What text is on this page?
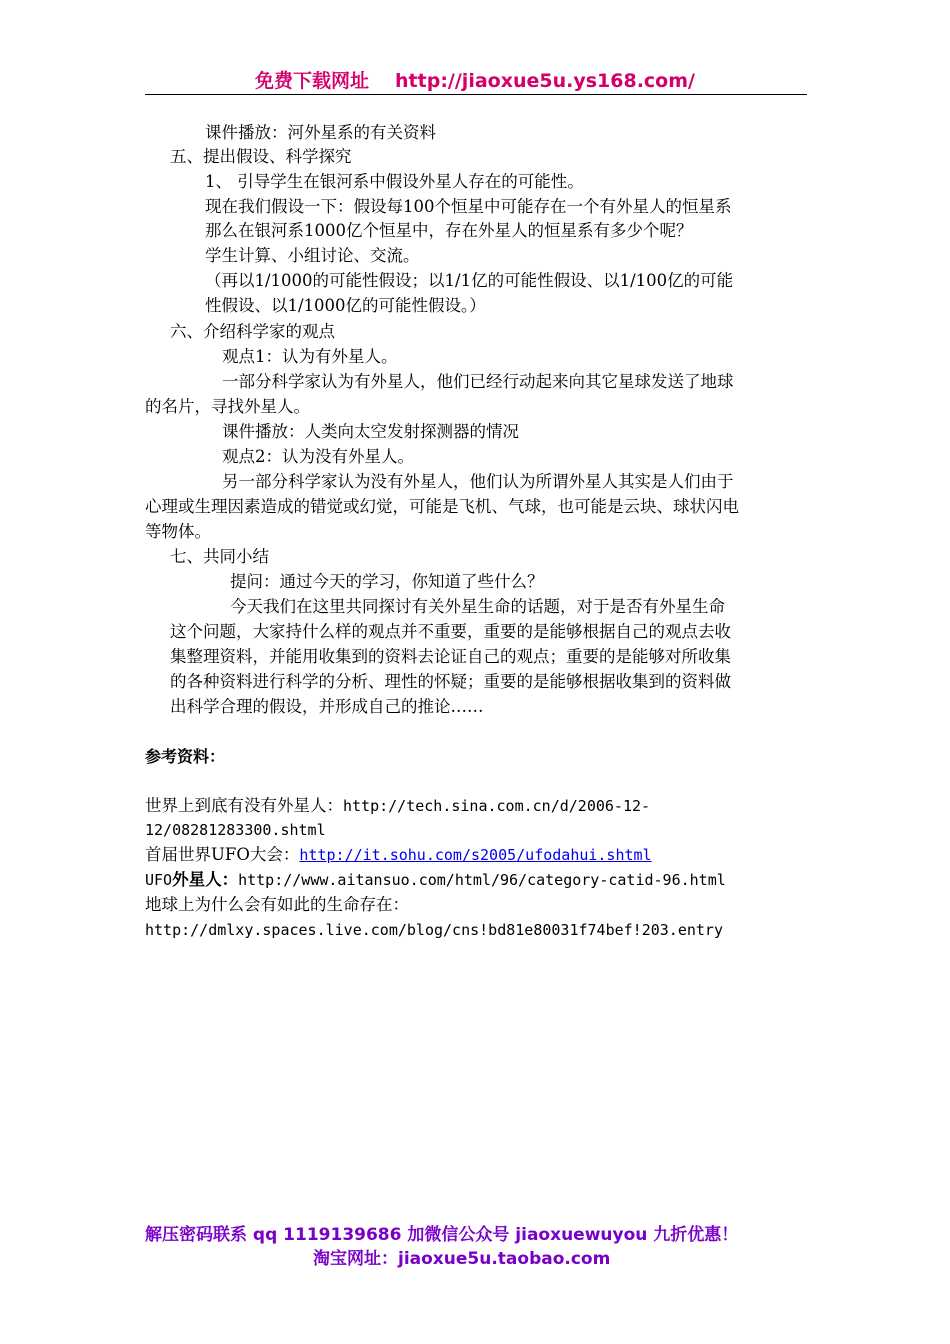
免费下载网址 http://jiaoxue5u.ys168.com/
课件播放：河外星系的有关资料
五、提出假设、科学探究
1、 引导学生在银河系中假设外星人存在的可能性。
现在我们假设一下：假设每100个恒星中可能存在一个有外星人的恒星系
那么在银河系1000亿个恒星中，存在外星人的恒星系有多少个呢？
学生计算、小组讨论、交流。
（再以1/1000的可能性假设；以1/1亿的可能性假设、以1/100亿的可能
性假设、以1/1000亿的可能性假设。）
六、介绍科学家的观点
观点1：认为有外星人。
一部分科学家认为有外星人，他们已经行动起来向其它星球发送了地球
的名片，寻找外星人。
课件播放：人类向太空发射探测器的情况
观点2：认为没有外星人。
另一部分科学家认为没有外星人，他们认为所谓外星人其实是人们由于
心理或生理因素造成的错觉或幻觉，可能是飞机、气球，也可能是云块、球状闪电
等物体。
七、共同小结
提问：通过今天的学习，你知道了些什么？
今天我们在这里共同探讨有关外星生命的话题，对于是否有外星生命
这个问题，大家持什么样的观点并不重要，重要的是能够根据自己的观点去收
集整理资料，并能用收集到的资料去论证自己的观点；重要的是能够对所收集
的各种资料进行科学的分析、理性的怀疑；重要的是能够根据收集到的资料做
出科学合理的假设，并形成自己的推论……
参考资料：
世界上到底有没有外星人：http://tech.sina.com.cn/d/2006-12-
12/08281283300.shtml
首届世界UFO大会：http://it.sohu.com/s2005/ufodahui.shtml
UFO外星人：http://www.aitansuo.com/html/96/category-catid-96.html
地球上为什么会有如此的生命存在：
http://dmlxy.spaces.live.com/blog/cns!bd81e80031f74bef!203.entry
解压密码联系 qq 1119139686 加微信公众号 jiaoxuewuyou 九折优惠！
淘宝网址：jiaoxue5u.taobao.com
